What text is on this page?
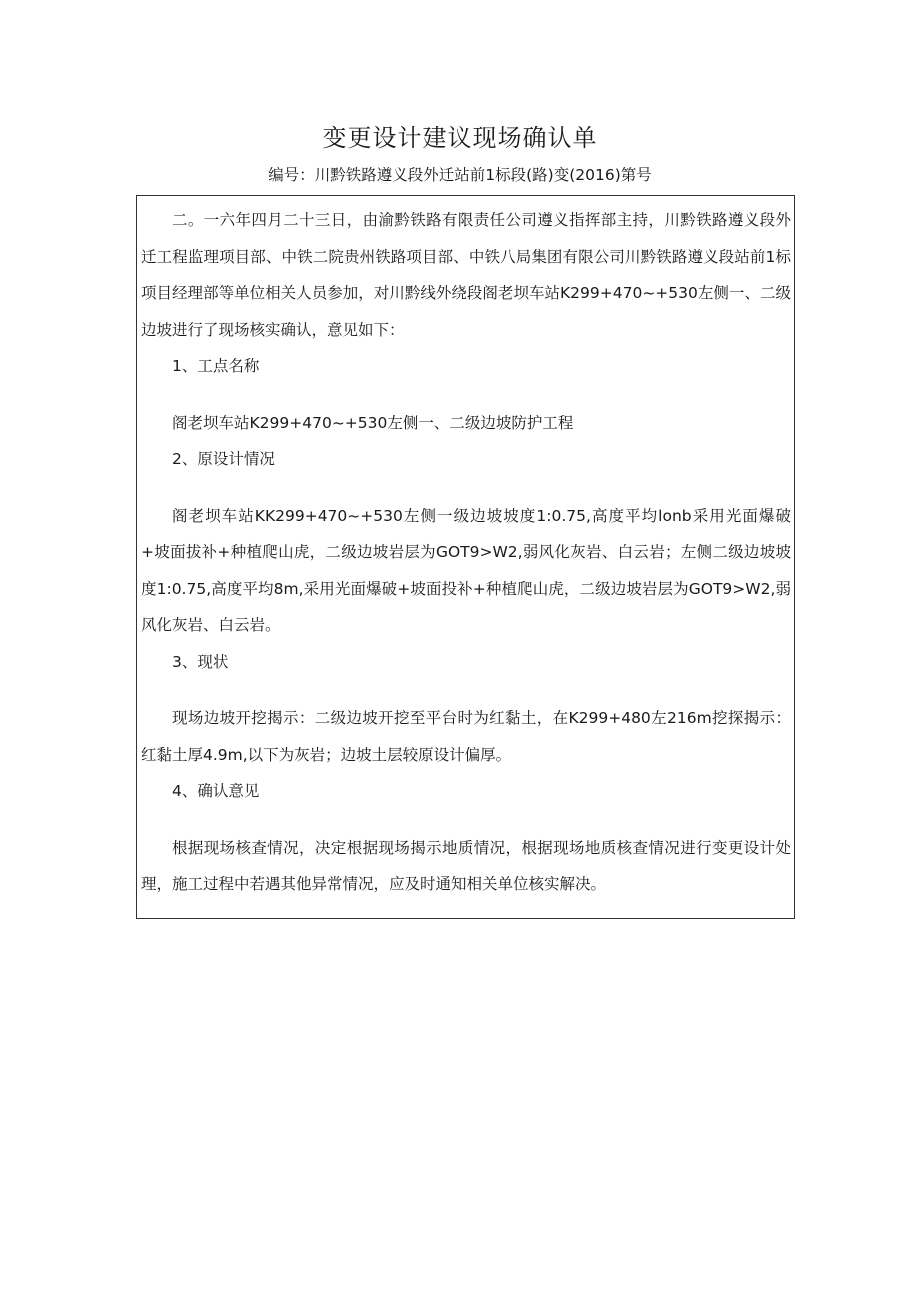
变更设计建议现场确认单
编号：川黔铁路遵义段外迁站前1标段(路)变(2016)第号

二。一六年四月二十三日，由渝黔铁路有限责任公司遵义指挥部主持，川黔铁路遵义段外迁工程监理项目部、中铁二院贵州铁路项目部、中铁八局集团有限公司川黔铁路遵义段站前1标项目经理部等单位相关人员参加，对川黔线外绕段阁老坝车站K299+470~+530左侧一、二级边坡进行了现场核实确认，意见如下：

1、工点名称

阁老坝车站K299+470~+530左侧一、二级边坡防护工程

2、原设计情况

阁老坝车站KK299+470~+530左侧一级边坡坡度1:0.75,高度平均lonb采用光面爆破+坡面拔补+种植爬山虎，二级边坡岩层为GOT9>W2,弱风化灰岩、白云岩；左侧二级边坡坡度1:0.75,高度平均8m,采用光面爆破+坡面投补+种植爬山虎，二级边坡岩层为GOT9>W2,弱风化灰岩、白云岩。

3、现状

现场边坡开挖揭示：二级边坡开挖至平台时为红黏土，在K299+480左216m挖探揭示：红黏土厚4.9m,以下为灰岩；边坡土层较原设计偏厚。

4、确认意见

根据现场核查情况，决定根据现场揭示地质情况，根据现场地质核查情况进行变更设计处理，施工过程中若遇其他异常情况，应及时通知相关单位核实解决。
